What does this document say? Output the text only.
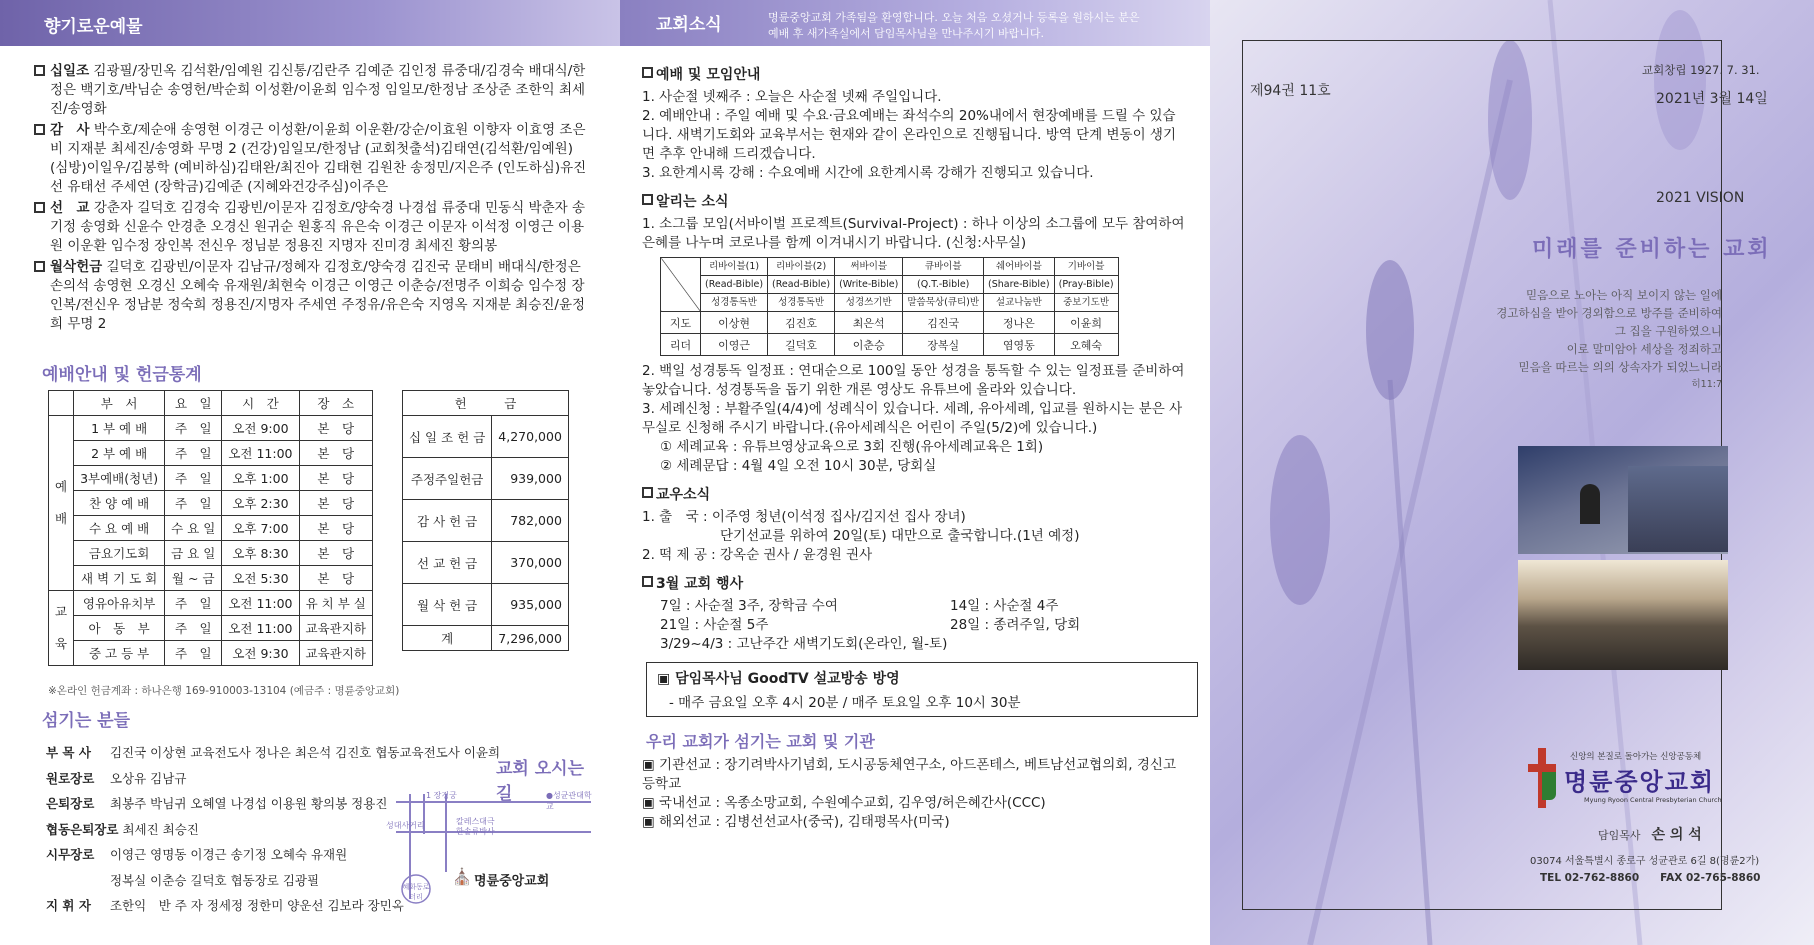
향기로운예물
십일조 김광필/장민옥 김석환/임예원 김신통/김란주 김예준 김인정 류중대/김경숙 배대식/한정은 백기호/박님순 송영헌/박순희 이성환/이윤희 임수정 임일모/한정남 조상준 조한익 최세진/송영화
감　사 박수호/제순애 송영현 이경근 이성환/이윤희 이운환/강순/이효원 이향자 이효영 조은비 지재분 최세진/송영화 무명 2 (건강)임일모/한정남 (교회첫출석)김태연(김석환/임예원) (심방)이일우/김봉학 (예비하심)김태완/최진아 김태현 김원찬 송정민/지은주 (인도하심)유진선 유태선 주세연 (장학금)김예준 (지혜와건강주심)이주은
선　교 강춘자 길덕호 김경숙 김광빈/이문자 김정호/양숙경 나경섭 류중대 민동식 박춘자 송기정 송영화 신윤수 안경춘 오경신 원귀순 원홍직 유은숙 이경근 이문자 이석정 이영근 이용원 이운환 임수정 장인복 전신우 정님분 정용진 지명자 진미경 최세진 황의봉
월삭헌금 길덕호 김광빈/이문자 김남규/정혜자 김정호/양숙경 김진국 문태비 배대식/한정은 손의석 송영현 오경신 오혜숙 유재원/최현숙 이경근 이영근 이춘승/전명주 이희승 임수정 장인복/전신우 정남분 정숙희 정용진/지명자 주세연 주정유/유은숙 지영옥 지재분 최승진/윤정희 무명 2
예배안내 및 헌금통계
	부　서	요　일	시　간	장　소
예

배	1 부 예 배	주　일	오전 9:00	본　당
	2 부 예 배	주　일	오전 11:00	본　당
	3부예배(청년)	주　일	오후 1:00	본　당
	찬 양 예 배	주　일	오후 2:30	본　당
	수 요 예 배	수 요 일	오후 7:00	본　당
	금요기도회	금 요 일	오후 8:30	본　당
	새 벽 기 도 회	월 ~ 금	오전 5:30	본　당
교

육	영유아유치부	주　일	오전 11:00	유 치 부 실
	아　동　부	주　일	오전 11:00	교육관지하
	중 고 등 부	주　일	오전 9:30	교육관지하
헌　　　금	
십 일 조 헌 금	4,270,000
주정주일헌금	939,000
감 사 헌 금	782,000
선 교 헌 금	370,000
월 삭 헌 금	935,000
계	7,296,000
※온라인 헌금계좌 : 하나은행 169-910003-13104 (예금주 : 명륜중앙교회)
섬기는 분들
부 목 사 김진국 이상현 교육전도사 정나은 최은석 김진호 협동교육전도사 이윤희
원로장로 오상유 김남규
은퇴장로 최봉주 박님귀 오혜열 나경섭 이용원 황의봉 정용진
협동은퇴장로 최세진 최승진
시무장로 이영근 영명동 이경근 송기정 오혜숙 유재원
정복실 이춘승 길덕호 협동장로 김광필
지 휘 자 조한익　반 주 자 정세정 정한미 양운선 김보라 장민옥
교회 오시는 길
1 장경궁	●성균관대학교
성대사거리	칼레스대극
한솔류박사
혜화동로터리
⛪ 명륜중앙교회
교회소식	명륜중앙교회 가족됨을 환영합니다. 오늘 처음 오셨거나 등록을 원하시는 분은
예배 후 새가족실에서 담임목사님을 만나주시기 바랍니다.
예배 및 모임안내
1. 사순절 넷째주 : 오늘은 사순절 넷째 주일입니다.
2. 예배안내 : 주일 예배 및 수요·금요예배는 좌석수의 20%내에서 현장예배를 드릴 수 있습니다. 새벽기도회와 교육부서는 현재와 같이 온라인으로 진행됩니다. 방역 단계 변동이 생기면 추후 안내해 드리겠습니다.
3. 요한계시록 강해 : 수요예배 시간에 요한계시록 강해가 진행되고 있습니다.
알리는 소식
1. 소그룹 모임(서바이벌 프로젝트(Survival-Project) : 하나 이상의 소그룹에 모두 참여하여 은혜를 나누며 코로나를 함께 이겨내시기 바랍니다. (신청:사무실)
	리바이블(1)	리바이블(2)	써바이블	큐바이블	쉐어바이블	기바이블
	(Read-Bible)	(Read-Bible)	(Write-Bible)	(Q.T.-Bible)	(Share-Bible)	(Pray-Bible)
	성경통독반	성경통독반	성경쓰기반	말씀묵상(큐티)반	설교나눔반	중보기도반
지도	이상현	김진호	최은석	김진국	정나은	이윤희
리더	이영근	길덕호	이춘승	장복실	염영동	오혜숙
2. 백일 성경통독 일정표 : 연대순으로 100일 동안 성경을 통독할 수 있는 일정표를 준비하여 놓았습니다. 성경통독을 돕기 위한 개론 영상도 유튜브에 올라와 있습니다.
3. 세례신청 : 부활주일(4/4)에 성례식이 있습니다. 세례, 유아세례, 입교를 원하시는 분은 사무실로 신청해 주시기 바랍니다.(유아세례식은 어린이 주일(5/2)에 있습니다.)
① 세례교육 : 유튜브영상교육으로 3회 진행(유아세례교육은 1회)
② 세례문답 : 4월 4일 오전 10시 30분, 당회실
교우소식
1. 출　국 : 이주영 청년(이석정 집사/김지선 집사 장녀)
단기선교를 위하여 20일(토) 대만으로 출국합니다.(1년 예정)
2. 떡 제 공 : 강옥순 권사 / 윤경원 권사
3월 교회 행사
7일 : 사순절 3주, 장학금 수여	14일 : 사순절 4주
21일 : 사순절 5주	28일 : 종려주일, 당회
3/29~4/3 : 고난주간 새벽기도회(온라인, 월-토)
▣ 담임목사님 GoodTV 설교방송 방영
- 매주 금요일 오후 4시 20분 / 매주 토요일 오후 10시 30분
우리 교회가 섬기는 교회 및 기관
▣ 기관선교 : 장기려박사기념회, 도시공동체연구소, 아드폰테스, 베트남선교협의회, 경신고등학교
▣ 국내선교 : 옥종소망교회, 수원예수교회, 김우영/허은혜간사(CCC)
▣ 해외선교 : 김병선선교사(중국), 김태평목사(미국)
교회창립 1927. 7. 31.
제94권 11호	2021년 3월 14일
2021 VISION
미래를 준비하는 교회
믿음으로 노아는 아직 보이지 않는 일에
경고하심을 받아 경외함으로 방주를 준비하여
그 집을 구원하였으니
이로 말미암아 세상을 정죄하고
믿음을 따르는 의의 상속자가 되었느니라
히11:7
신앙의 본질로 돌아가는 신앙공동체
명륜중앙교회
Myung Ryoon Central Presbyterian Church
담임목사　 손 의 석
03074 서울특별시 종로구 성균관로 6길 8(명륜2가)
TEL 02-762-8860　　 FAX 02-765-8860
